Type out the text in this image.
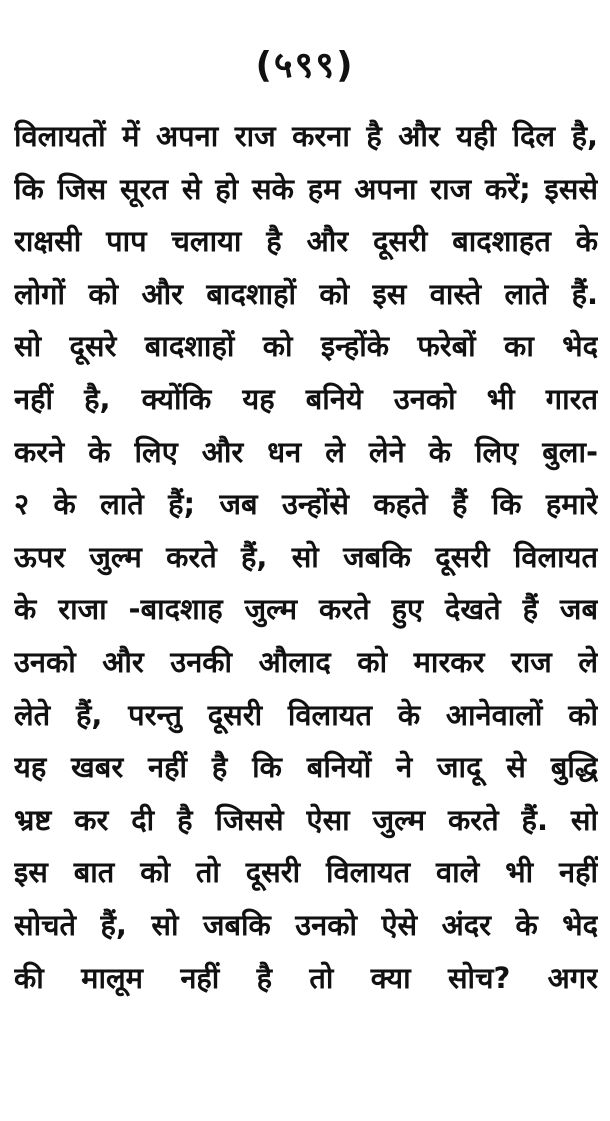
(५९९)
विलायतों में अपना राज करना है और यही दिल है,
कि जिस सूरत से हो सके हम अपना राज करें; इससे
राक्षसी पाप चलाया है और दूसरी बादशाहत के
लोगों को और बादशाहों को इस वास्ते लाते हैं.
सो दूसरे बादशाहों को इन्होंके फरेबों का भेद
नहीं है, क्योंकि यह बनिये उनको भी गारत
करने के लिए और धन ले लेने के लिए बुला-
२ के लाते हैं; जब उन्होंसे कहते हैं कि हमारे
ऊपर जुल्म करते हैं, सो जबकि दूसरी विलायत
के राजा -बादशाह जुल्म करते हुए देखते हैं जब
उनको और उनकी औलाद को मारकर राज ले
लेते हैं, परन्तु दूसरी विलायत के आनेवालों को
यह खबर नहीं है कि बनियों ने जादू से बुद्धि
भ्रष्ट कर दी है जिससे ऐसा जुल्म करते हैं. सो
इस बात को तो दूसरी विलायत वाले भी नहीं
सोचते हैं, सो जबकि उनको ऐसे अंदर के भेद
की मालूम नहीं है तो क्या सोच? अगर
